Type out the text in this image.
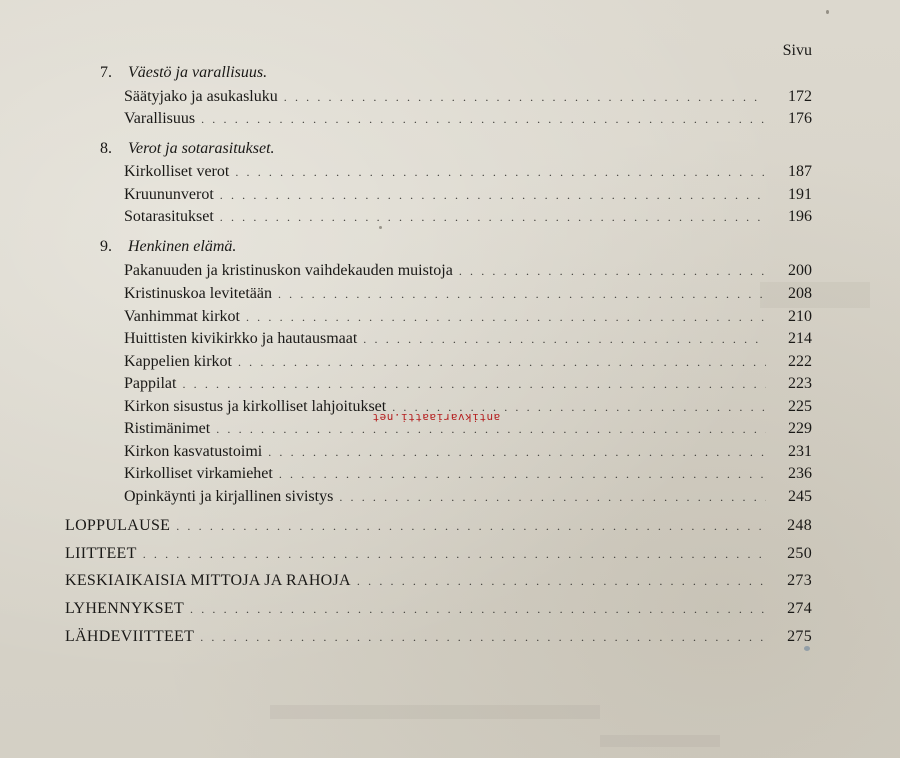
Sivu
7. Väestö ja varallisuus.
Säätyjako ja asukasluku . . .	172
Varallisuus . . .	176
8. Verot ja sotarasitukset.
Kirkolliset verot . . .	187
Kruununverot . . .	191
Sotarasitukset . . .	196
9. Henkinen elämä.
Pakanuuden ja kristinuskon vaihdekauden muistoja . . .	200
Kristinuskoa levitetään . . .	208
Vanhimmat kirkot . . .	210
Huittisten kivikirkko ja hautausmaat . . .	214
Kappelien kirkot . . .	222
Pappilat . . .	223
Kirkon sisustus ja kirkolliset lahjoitukset . . .	225
Ristimänimet . . .	229
Kirkon kasvatustoimi . . .	231
Kirkolliset virkamiehet . . .	236
Opinkäynti ja kirjallinen sivistys . . .	245
LOPPULAUSE . . .	248
LIITTEET . . .	250
KESKIAIKAISIA MITTOJA JA RAHOJA . . .	273
LYHENNYKSET . . .	274
LÄHDEVIITTEET . . .	275
antikvariaatti.net
